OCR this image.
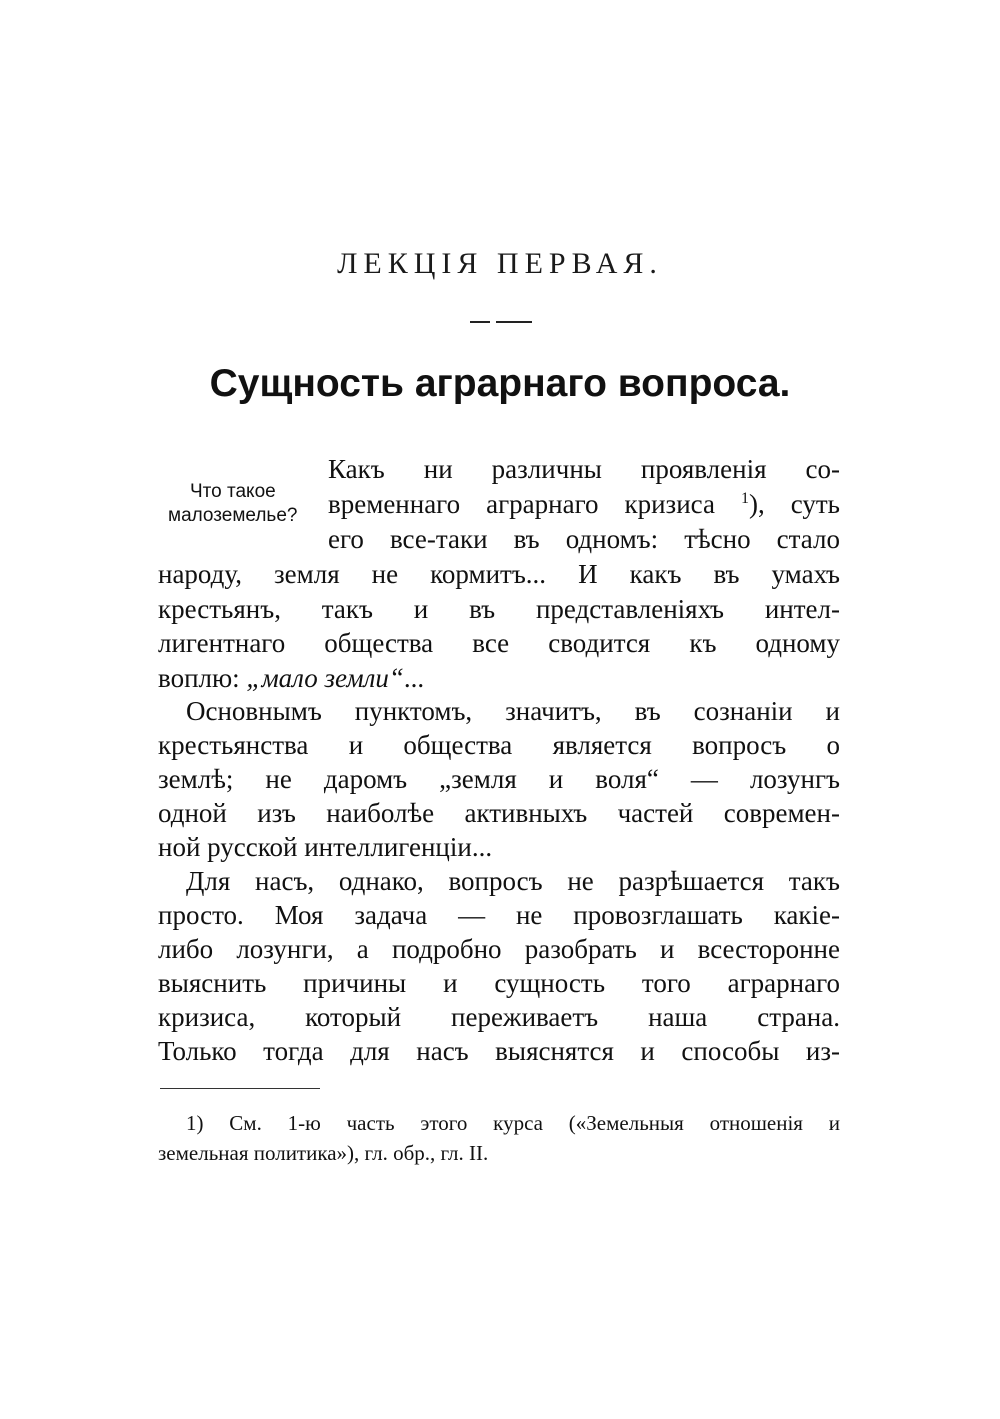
ЛЕКЦІЯ ПЕРВАЯ.
Сущность аграрнаго вопроса.
Что такое
малоземелье?
Какъ ни различны проявленія со-
временнаго аграрнаго кризиса $^1$), суть
его все-таки въ одномъ: тѣсно стало
народу, земля не кормитъ... И какъ въ умахъ
крестьянъ, такъ и въ представленіяхъ интел-
лигентнаго общества все сводится къ одному
воплю: „мало земли“...
Основнымъ пунктомъ, значитъ, въ сознаніи и
крестьянства и общества является вопросъ о
землѣ; не даромъ „земля и воля“ — лозунгъ
одной изъ наиболѣе активныхъ частей современ-
ной русской интеллигенціи...
Для насъ, однако, вопросъ не разрѣшается такъ
просто. Моя задача — не провозглашать какіе-
либо лозунги, а подробно разобрать и всесторонне
выяснить причины и сущность того аграрнаго
кризиса, который переживаетъ наша страна.
Только тогда для насъ выяснятся и способы из-
1) См. 1-ю часть этого курса («Земельныя отношенія и
земельная политика»), гл. обр., гл. II.
